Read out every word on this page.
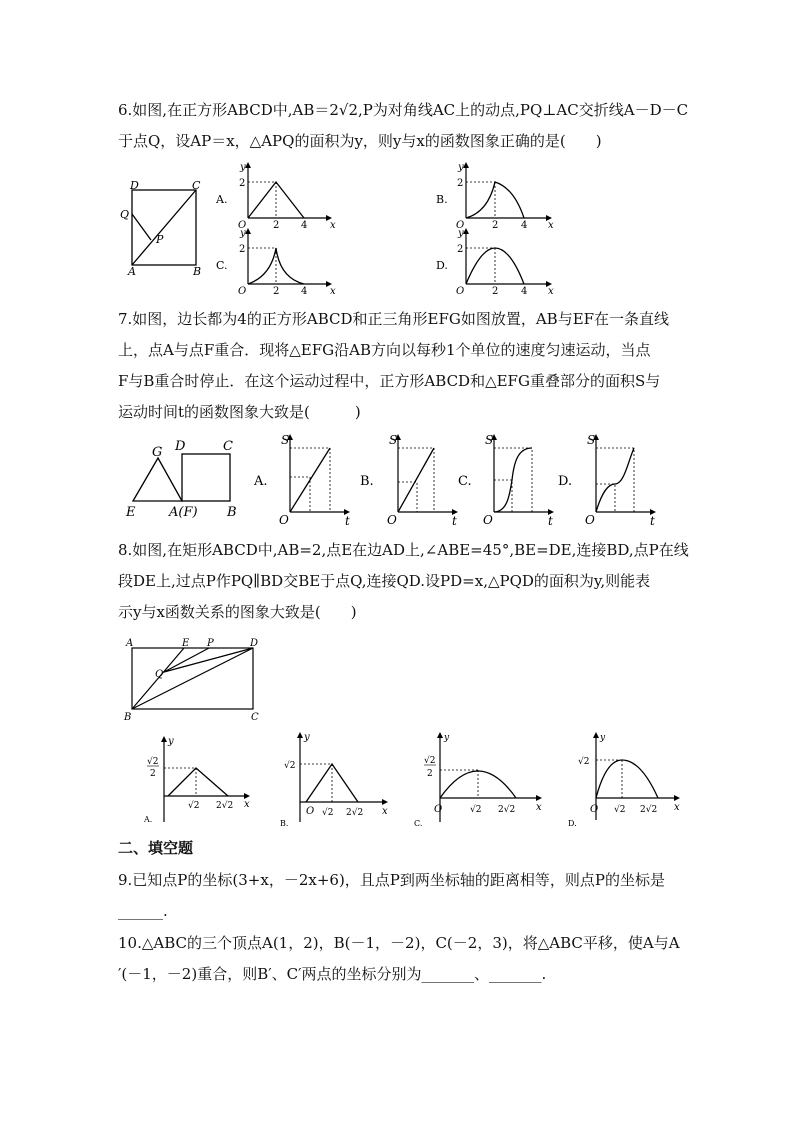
6.如图,在正方形ABCD中,AB＝2√2,P为对角线AC上的动点,PQ⊥AC交折线A－D－C
于点Q，设AP＝x，△APQ的面积为y，则y与x的函数图象正确的是(　　)
D	C
Q
P
A	B
A.
y
x
O
2
2 4
B.
y
x
O
2
2 4
C.
y
x
O
2
2 4
D.
y
x
O
2
2 4
7.如图，边长都为4的正方形ABCD和正三角形EFG如图放置，AB与EF在一条直线
上，点A与点F重合．现将△EFG沿AB方向以每秒1个单位的速度匀速运动，当点
F与B重合时停止．在这个运动过程中，正方形ABCD和△EFG重叠部分的面积S与
运动时间t的函数图象大致是(　　　)
G D	C
E	A(F) B
A.
S
t
O
B.
S
t
O
C.
S
t
O
D.
S
t
O
8.如图,在矩形ABCD中,AB=2,点E在边AD上,∠ABE=45°,BE=DE,连接BD,点P在线
段DE上,过点P作PQ∥BD交BE于点Q,连接QD.设PD=x,△PQD的面积为y,则能表
示y与x函数关系的图象大致是(　　)
A	E P	D
Q
B	C
y
x
√2
2
√2 2√2
A.
y
x
√2
O √2 2√2
B.
y
x
√2
2
O	√2 2√2
C.
y
x
√2
O √2 2√2
D.
二、填空题
9.已知点P的坐标(3+x，－2x+6)，且点P到两坐标轴的距离相等，则点P的坐标是
______.
10.△ABC的三个顶点A(1，2)，B(－1，－2)，C(－2，3)，将△ABC平移，使A与A
′(－1，－2)重合，则B′、C′两点的坐标分别为_______、_______.
